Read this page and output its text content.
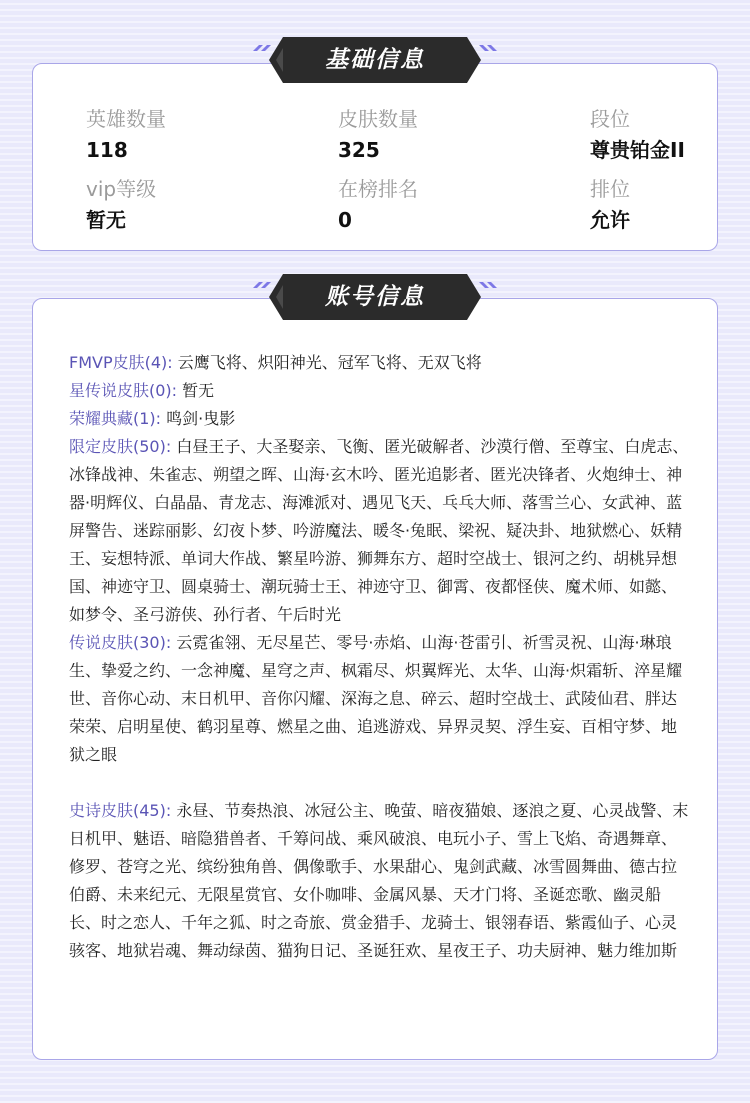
英雄数量
118
皮肤数量
325
段位
尊贵铂金II
vip等级
暂无
在榜排名
0
排位
允许
基础信息
FMVP皮肤(4): 云鹰飞将、炽阳神光、冠军飞将、无双飞将
星传说皮肤(0): 暂无
荣耀典藏(1): 鸣剑·曳影
限定皮肤(50): 白昼王子、大圣娶亲、飞衡、匿光破解者、沙漠行僧、至尊宝、白虎志、冰锋战神、朱雀志、朔望之晖、山海·玄木吟、匿光追影者、匿光决锋者、火炮绅士、神器·明辉仪、白晶晶、青龙志、海滩派对、遇见飞天、乓乓大师、落雪兰心、女武神、蓝屏警告、迷踪丽影、幻夜卜梦、吟游魔法、暖冬·兔眠、梁祝、疑决卦、地狱燃心、妖精王、妄想特派、单词大作战、繁星吟游、狮舞东方、超时空战士、银河之约、胡桃异想国、神迹守卫、圆桌骑士、潮玩骑士王、神迹守卫、御霄、夜都怪侠、魔术师、如懿、如梦令、圣弓游侠、孙行者、午后时光
传说皮肤(30): 云霓雀翎、无尽星芒、零号·赤焰、山海·苍雷引、祈雪灵祝、山海·琳琅生、挚爱之约、一念神魔、星穹之声、枫霜尽、炽翼辉光、太华、山海·炽霜斩、淬星耀世、音你心动、末日机甲、音你闪耀、深海之息、碎云、超时空战士、武陵仙君、胖达荣荣、启明星使、鹤羽星尊、燃星之曲、追逃游戏、异界灵契、浮生妄、百相守梦、地狱之眼
史诗皮肤(45): 永昼、节奏热浪、冰冠公主、晚萤、暗夜猫娘、逐浪之夏、心灵战警、末日机甲、魅语、暗隐猎兽者、千筹问战、乘风破浪、电玩小子、雪上飞焰、奇遇舞章、修罗、苍穹之光、缤纷独角兽、偶像歌手、水果甜心、鬼剑武藏、冰雪圆舞曲、德古拉伯爵、未来纪元、无限星赏官、女仆咖啡、金属风暴、天才门将、圣诞恋歌、幽灵船长、时之恋人、千年之狐、时之奇旅、赏金猎手、龙骑士、银翎春语、紫霞仙子、心灵骇客、地狱岩魂、舞动绿茵、猫狗日记、圣诞狂欢、星夜王子、功夫厨神、魅力维加斯
账号信息
